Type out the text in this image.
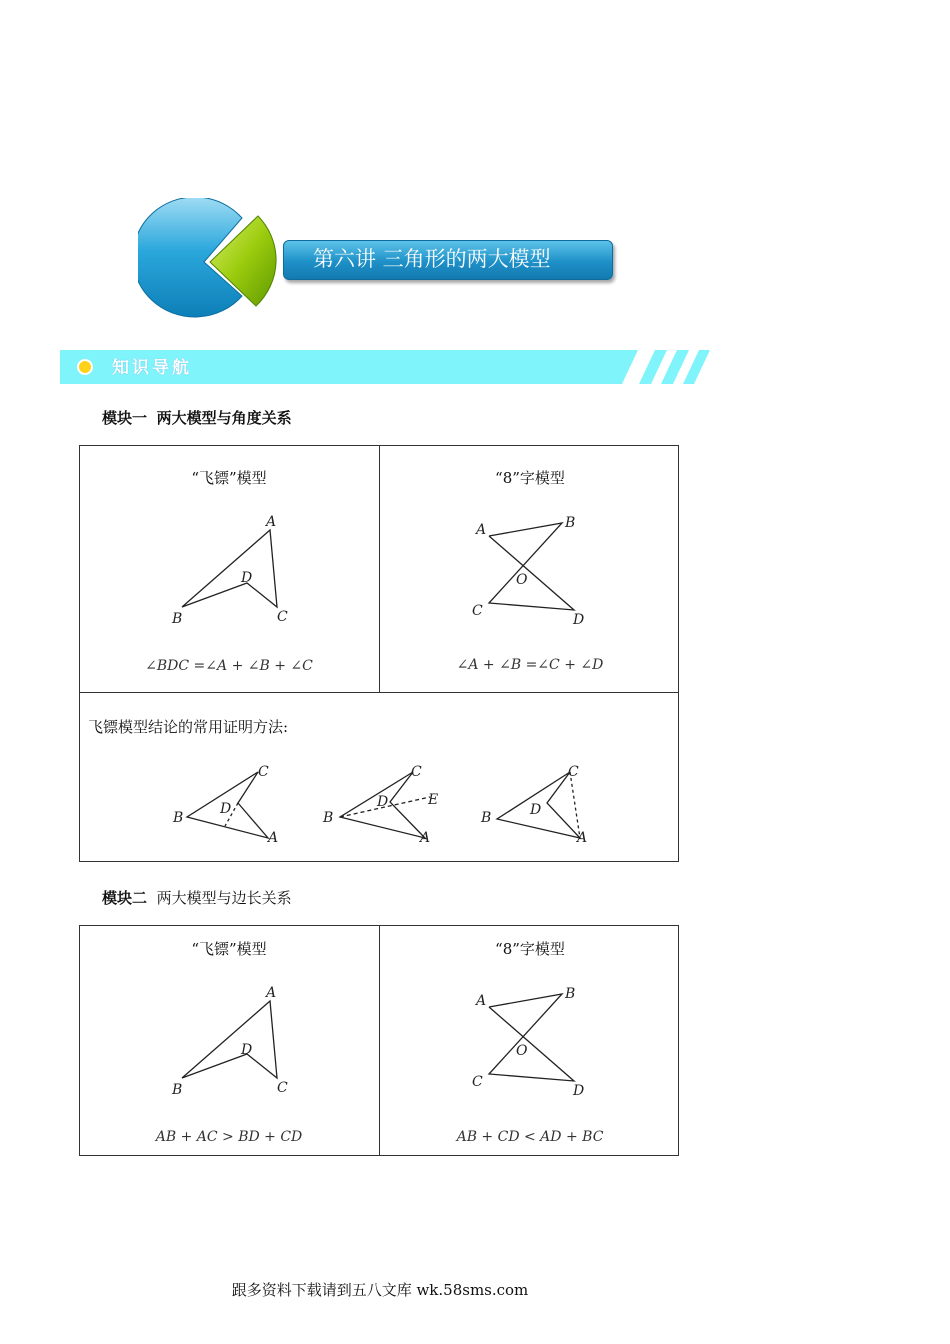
第六讲 三角形的两大模型
知识导航
模块一 两大模型与角度关系
“飞镖”模型	“8”字模型
A
B	C
D
∠BDC =∠A + ∠B + ∠C
A	B
C
D
O
∠A + ∠B =∠C + ∠D
飞镖模型结论的常用证明方法:
B
C
D
A
B
C
D
A
E
B
C
D
A
模块二 两大模型与边长关系
“飞镖”模型	“8”字模型
A
B	C
D
AB + AC > BD + CD
A	B
C
D
O
AB + CD < AD + BC
跟多资料下载请到五八文库 wk.58sms.com
